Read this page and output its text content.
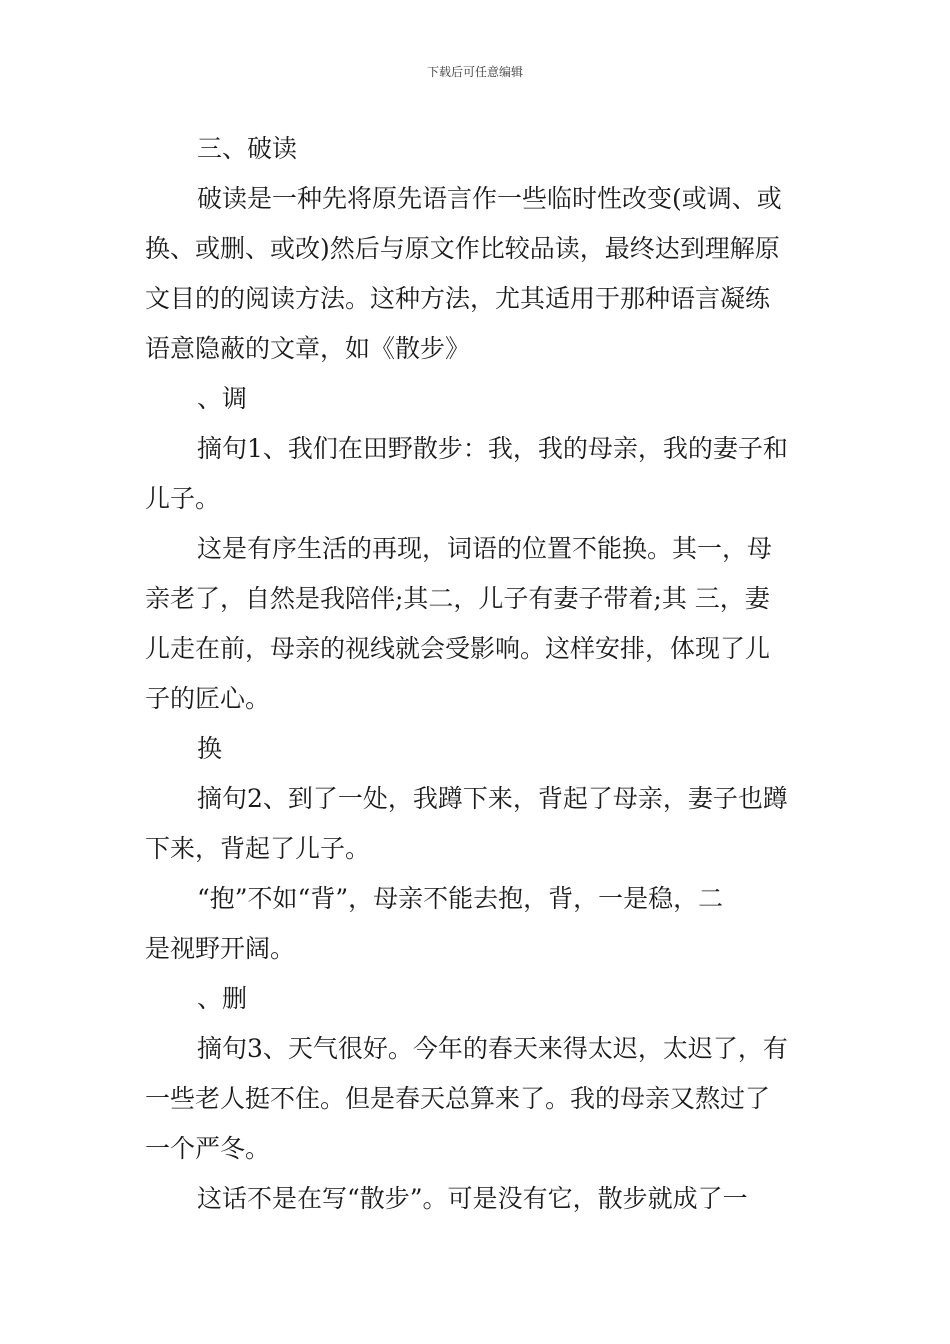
下载后可任意编辑
三、破读
破读是一种先将原先语言作一些临时性改变(或调、或
换、或删、或改)然后与原文作比较品读，最终达到理解原
文目的的阅读方法。这种方法，尤其适用于那种语言凝练
语意隐蔽的文章，如《散步》
、调
摘句1、我们在田野散步：我，我的母亲，我的妻子和
儿子。
这是有序生活的再现，词语的位置不能换。其一，母
亲老了，自然是我陪伴;其二，儿子有妻子带着;其 三，妻
儿走在前，母亲的视线就会受影响。这样安排，体现了儿
子的匠心。
换
摘句2、到了一处，我蹲下来，背起了母亲，妻子也蹲
下来，背起了儿子。
“抱”不如“背”，母亲不能去抱，背，一是稳，二
是视野开阔。
、删
摘句3、天气很好。今年的春天来得太迟，太迟了，有
一些老人挺不住。但是春天总算来了。我的母亲又熬过了
一个严冬。
这话不是在写“散步”。可是没有它，散步就成了一
